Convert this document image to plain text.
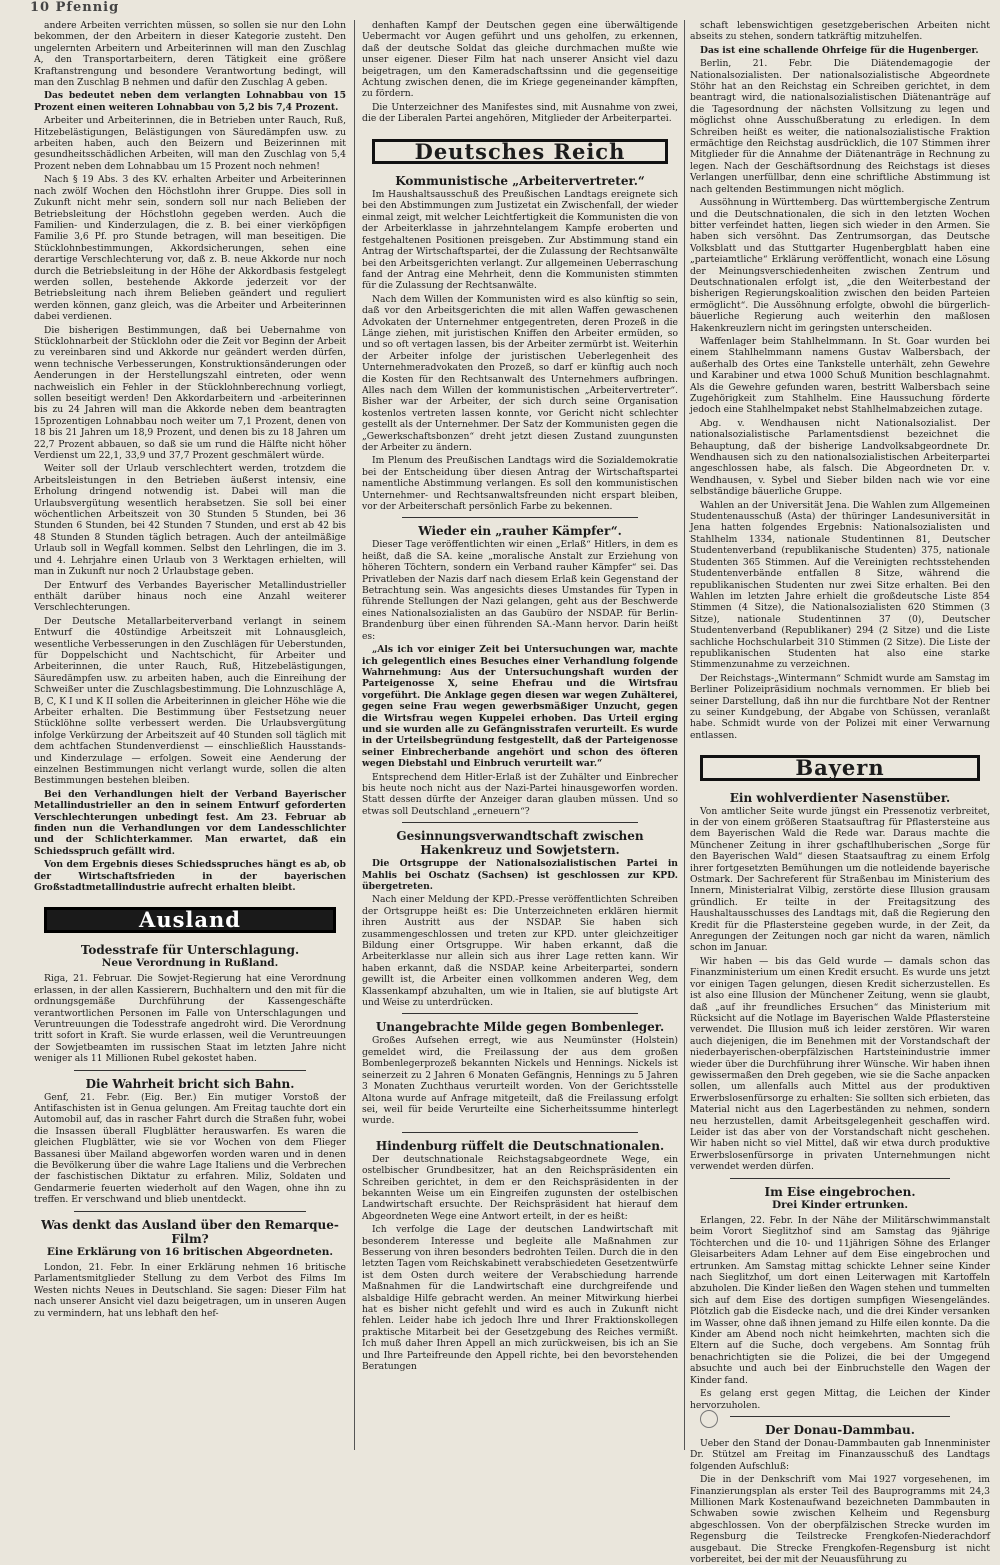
10 Pfennig

andere Arbeiten verrichten müssen, so sollen sie nur den Lohn bekommen, der den Arbeitern in dieser Kategorie zusteht. Den ungelernten Arbeitern und Arbeiterinnen will man den Zuschlag A, den Transportarbeitern, deren Tätigkeit eine größere Kraftanstrengung und besondere Verantwortung bedingt, will man den Zuschlag B nehmen und dafür den Zuschlag A geben.

Das bedeutet neben dem verlangten Lohnabbau von 15 Prozent einen weiteren Lohnabbau von 5,2 bis 7,4 Prozent.

Arbeiter und Arbeiterinnen, die in Betrieben unter Rauch, Ruß, Hitzebelästigungen, Belästigungen von Säuredämpfen usw. zu arbeiten haben, auch den Beizern und Beizerinnen mit gesundheitsschädlichen Arbeiten, will man den Zuschlag von 5,4 Prozent neben dem Lohnabbau um 15 Prozent noch nehmen!

Nach § 19 Abs. 3 des KV. erhalten Arbeiter und Arbeiterinnen nach zwölf Wochen den Höchstlohn ihrer Gruppe. Dies soll in Zukunft nicht mehr sein, sondern soll nur nach Belieben der Betriebsleitung der Höchstlohn gegeben werden. Auch die Familien- und Kinderzulagen, die z. B. bei einer vierköpfigen Familie 3,6 Pf. pro Stunde betragen, will man beseitigen. Die Stücklohnbestimmungen, Akkordsicherungen, sehen eine derartige Verschlechterung vor, daß z. B. neue Akkorde nur noch durch die Betriebsleitung in der Höhe der Akkordbasis festgelegt werden sollen, bestehende Akkorde jederzeit vor der Betriebsleitung nach ihrem Belieben geändert und reguliert werden können, ganz gleich, was die Arbeiter und Arbeiterinnen dabei verdienen.

Die bisherigen Bestimmungen, daß bei Uebernahme von Stücklohnarbeit der Stücklohn oder die Zeit vor Beginn der Arbeit zu vereinbaren sind und Akkorde nur geändert werden dürfen, wenn technische Verbesserungen, Konstruktionsänderungen oder Aenderungen in der Herstellungszahl eintreten, oder wenn nachweislich ein Fehler in der Stücklohnberechnung vorliegt, sollen beseitigt werden! Den Akkordarbeitern und -arbeiterinnen bis zu 24 Jahren will man die Akkorde neben dem beantragten 15prozentigen Lohnabbau noch weiter um 7,1 Prozent, denen von 18 bis 21 Jahren um 18,9 Prozent, und denen bis zu 18 Jahren um 22,7 Prozent abbauen, so daß sie um rund die Hälfte nicht höher Verdienst um 22,1, 33,9 und 37,7 Prozent geschmälert würde.

Weiter soll der Urlaub verschlechtert werden, trotzdem die Arbeitsleistungen in den Betrieben äußerst intensiv, eine Erholung dringend notwendig ist. Dabei will man die Urlaubsvergütung wesentlich herabsetzen. Sie soll bei einer wöchentlichen Arbeitszeit von 30 Stunden 5 Stunden, bei 36 Stunden 6 Stunden, bei 42 Stunden 7 Stunden, und erst ab 42 bis 48 Stunden 8 Stunden täglich betragen. Auch der anteilmäßige Urlaub soll in Wegfall kommen. Selbst den Lehrlingen, die im 3. und 4. Lehrjahre einen Urlaub von 3 Werktagen erhielten, will man in Zukunft nur noch 2 Urlaubstage geben.

Der Entwurf des Verbandes Bayerischer Metallindustrieller enthält darüber hinaus noch eine Anzahl weiterer Verschlechterungen.

Der Deutsche Metallarbeiterverband verlangt in seinem Entwurf die 40stündige Arbeitszeit mit Lohnausgleich, wesentliche Verbesserungen in den Zuschlägen für Ueberstunden, für Doppelschicht und Nachtschicht, für Arbeiter und Arbeiterinnen, die unter Rauch, Ruß, Hitzebelästigungen, Säuredämpfen usw. zu arbeiten haben, auch die Einreihung der Schweißer unter die Zuschlagsbestimmung. Die Lohnzuschläge A, B, C, K I und K II sollen die Arbeiterinnen in gleicher Höhe wie die Arbeiter erhalten. Die Bestimmung über Festsetzung neuer Stücklöhne sollte verbessert werden. Die Urlaubsvergütung infolge Verkürzung der Arbeitszeit auf 40 Stunden soll täglich mit dem achtfachen Stundenverdienst — einschließlich Hausstands- und Kinderzulage — erfolgen. Soweit eine Aenderung der einzelnen Bestimmungen nicht verlangt wurde, sollen die alten Bestimmungen bestehen bleiben.

Bei den Verhandlungen hielt der Verband Bayerischer Metallindustrieller an den in seinem Entwurf geforderten Verschlechterungen unbedingt fest. Am 23. Februar ab finden nun die Verhandlungen vor dem Landesschlichter und der Schlichterkammer. Man erwartet, daß ein Schiedsspruch gefällt wird.

Von dem Ergebnis dieses Schiedsspruches hängt es ab, ob der Wirtschaftsfrieden in der bayerischen Großstadtmetallindustrie aufrecht erhalten bleibt.

Ausland
Todesstrafe für Unterschlagung.
Neue Verordnung in Rußland.

Riga, 21. Februar. Die Sowjet-Regierung hat eine Verordnung erlassen, in der allen Kassierern, Buchhaltern und den mit für die ordnungsgemäße Durchführung der Kassengeschäfte verantwortlichen Personen im Falle von Unterschlagungen und Veruntreuungen die Todesstrafe angedroht wird. Die Verordnung tritt sofort in Kraft. Sie wurde erlassen, weil die Veruntreuungen der Sowjetbeamten im russischen Staat im letzten Jahre nicht weniger als 11 Millionen Rubel gekostet haben.

Die Wahrheit bricht sich Bahn.

Genf, 21. Febr. (Eig. Ber.) Ein mutiger Vorstoß der Antifaschisten ist in Genua gelungen. Am Freitag tauchte dort ein Automobil auf, das in rascher Fahrt durch die Straßen fuhr, wobei die Insassen überall Flugblätter herauswarfen. Es waren die gleichen Flugblätter, wie sie vor Wochen von dem Flieger Bassanesi über Mailand abgeworfen worden waren und in denen die Bevölkerung über die wahre Lage Italiens und die Verbrechen der faschistischen Diktatur zu erfahren. Miliz, Soldaten und Gendarmerie feuerten wiederholt auf den Wagen, ohne ihn zu treffen. Er verschwand und blieb unentdeckt.

Was denkt das Ausland über den Remarque-Film?
Eine Erklärung von 16 britischen Abgeordneten.

London, 21. Febr. In einer Erklärung nehmen 16 britische Parlamentsmitglieder Stellung zu dem Verbot des Films Im Westen nichts Neues in Deutschland. Sie sagen: Dieser Film hat nach unserer Ansicht viel dazu beigetragen, um in unseren Augen zu vermindern, hat uns lebhaft den hef-

denhaften Kampf der Deutschen gegen eine überwältigende Uebermacht vor Augen geführt und uns geholfen, zu erkennen, daß der deutsche Soldat das gleiche durchmachen mußte wie unser eigener. Dieser Film hat nach unserer Ansicht viel dazu beigetragen, um den Kameradschaftssinn und die gegenseitige Achtung zwischen denen, die im Kriege gegeneinander kämpften, zu fördern.

Die Unterzeichner des Manifestes sind, mit Ausnahme von zwei, die der Liberalen Partei angehören, Mitglieder der Arbeiterpartei.

Deutsches Reich
Kommunistische „Arbeitervertreter.“

Im Haushaltsausschuß des Preußischen Landtags ereignete sich bei den Abstimmungen zum Justizetat ein Zwischenfall, der wieder einmal zeigt, mit welcher Leichtfertigkeit die Kommunisten die von der Arbeiterklasse in jahrzehntelangem Kampfe eroberten und festgehaltenen Positionen preisgeben. Zur Abstimmung stand ein Antrag der Wirtschaftspartei, der die Zulassung der Rechtsanwälte bei den Arbeitsgerichten verlangt. Zur allgemeinen Ueberraschung fand der Antrag eine Mehrheit, denn die Kommunisten stimmten für die Zulassung der Rechtsanwälte.

Nach dem Willen der Kommunisten wird es also künftig so sein, daß vor den Arbeitsgerichten die mit allen Waffen gewaschenen Advokaten der Unternehmer entgegentreten, deren Prozeß in die Länge ziehen, mit juristischen Kniffen den Arbeiter ermüden, so und so oft vertagen lassen, bis der Arbeiter zermürbt ist. Weiterhin der Arbeiter infolge der juristischen Ueberlegenheit des Unternehmeradvokaten den Prozeß, so darf er künftig auch noch die Kosten für den Rechtsanwalt des Unternehmers aufbringen. Alles nach dem Willen der kommunistischen „Arbeitervertreter“. Bisher war der Arbeiter, der sich durch seine Organisation kostenlos vertreten lassen konnte, vor Gericht nicht schlechter gestellt als der Unternehmer. Der Satz der Kommunisten gegen die „Gewerkschaftsbonzen“ dreht jetzt diesen Zustand zuungunsten der Arbeiter zu ändern.

Im Plenum des Preußischen Landtags wird die Sozialdemokratie bei der Entscheidung über diesen Antrag der Wirtschaftspartei namentliche Abstimmung verlangen. Es soll den kommunistischen Unternehmer- und Rechtsanwaltsfreunden nicht erspart bleiben, vor der Arbeiterschaft persönlich Farbe zu bekennen.

Wieder ein „rauher Kämpfer“.

Dieser Tage veröffentlichten wir einen „Erlaß“ Hitlers, in dem es heißt, daß die SA. keine „moralische Anstalt zur Erziehung von höheren Töchtern, sondern ein Verband rauher Kämpfer“ sei. Das Privatleben der Nazis darf nach diesem Erlaß kein Gegenstand der Betrachtung sein. Was angesichts dieses Umstandes für Typen in führende Stellungen der Nazi gelangen, geht aus der Beschwerde eines Nationalsozialisten an das Gaubüro der NSDAP. für Berlin-Brandenburg über einen führenden SA.-Mann hervor. Darin heißt es:

„Als ich vor einiger Zeit bei Untersuchungen war, machte ich gelegentlich eines Besuches einer Verhandlung folgende Wahrnehmung: Aus der Untersuchungshaft wurden der Parteigenosse X, seine Ehefrau und die Wirtsfrau vorgeführt. Die Anklage gegen diesen war wegen Zuhälterei, gegen seine Frau wegen gewerbsmäßiger Unzucht, gegen die Wirtsfrau wegen Kuppelei erhoben. Das Urteil erging und sie wurden alle zu Gefängnisstrafen verurteilt. Es wurde in der Urteilsbegründung festgestellt, daß der Parteigenosse seiner Einbrecherbande angehört und schon des öfteren wegen Diebstahl und Einbruch verurteilt war.“

Entsprechend dem Hitler-Erlaß ist der Zuhälter und Einbrecher bis heute noch nicht aus der Nazi-Partei hinausgeworfen worden. Statt dessen dürfte der Anzeiger daran glauben müssen. Und so etwas soll Deutschland „erneuern“?

Gesinnungsverwandtschaft zwischen Hakenkreuz und Sowjetstern.

Die Ortsgruppe der Nationalsozialistischen Partei in Mahlis bei Oschatz (Sachsen) ist geschlossen zur KPD. übergetreten.

Nach einer Meldung der KPD.-Presse veröffentlichten Schreiben der Ortsgruppe heißt es: Die Unterzeichneten erklären hiermit ihren Austritt aus der NSDAP. Sie haben sich zusammengeschlossen und treten zur KPD. unter gleichzeitiger Bildung einer Ortsgruppe. Wir haben erkannt, daß die Arbeiterklasse nur allein sich aus ihrer Lage retten kann. Wir haben erkannt, daß die NSDAP. keine Arbeiterpartei, sondern gewillt ist, die Arbeiter einen vollkommen anderen Weg, dem Klassenkampf abzuhalten, um wie in Italien, sie auf blutigste Art und Weise zu unterdrücken.

Unangebrachte Milde gegen Bombenleger.

Großes Aufsehen erregt, wie aus Neumünster (Holstein) gemeldet wird, die Freilassung der aus dem großen Bombenlegerprozeß bekannten Nickels und Hennings. Nickels ist seinerzeit zu 2 Jahren 6 Monaten Gefängnis, Hennings zu 5 Jahren 3 Monaten Zuchthaus verurteilt worden. Von der Gerichtsstelle Altona wurde auf Anfrage mitgeteilt, daß die Freilassung erfolgt sei, weil für beide Verurteilte eine Sicherheitssumme hinterlegt wurde.

Hindenburg rüffelt die Deutschnationalen.

Der deutschnationale Reichstagsabgeordnete Wege, ein ostelbischer Grundbesitzer, hat an den Reichspräsidenten ein Schreiben gerichtet, in dem er den Reichspräsidenten in der bekannten Weise um ein Eingreifen zugunsten der ostelbischen Landwirtschaft ersuchte. Der Reichspräsident hat hierauf dem Abgeordneten Wege eine Antwort erteilt, in der es heißt:

Ich verfolge die Lage der deutschen Landwirtschaft mit besonderem Interesse und begleite alle Maßnahmen zur Besserung von ihren besonders bedrohten Teilen. Durch die in den letzten Tagen vom Reichskabinett verabschiedeten Gesetzentwürfe ist dem Osten durch weitere der Verabschiedung harrende Maßnahmen für die Landwirtschaft eine durchgreifende und alsbaldige Hilfe gebracht werden. An meiner Mitwirkung hierbei hat es bisher nicht gefehlt und wird es auch in Zukunft nicht fehlen. Leider habe ich jedoch Ihre und Ihrer Fraktionskollegen praktische Mitarbeit bei der Gesetzgebung des Reiches vermißt. Ich muß daher Ihren Appell an mich zurückweisen, bis ich an Sie und Ihre Parteifreunde den Appell richte, bei den bevorstehenden Beratungen

schaft lebenswichtigen gesetzgeberischen Arbeiten nicht abseits zu stehen, sondern tatkräftig mitzuhelfen.

Das ist eine schallende Ohrfeige für die Hugenberger.

Berlin, 21. Febr. Die Diätendemagogie der Nationalsozialisten. Der nationalsozialistische Abgeordnete Stöhr hat an den Reichstag ein Schreiben gerichtet, in dem beantragt wird, die nationalsozialistischen Diätenanträge auf die Tagesordnung der nächsten Vollsitzung zu legen und möglichst ohne Ausschußberatung zu erledigen. In dem Schreiben heißt es weiter, die nationalsozialistische Fraktion ermächtige den Reichstag ausdrücklich, die 107 Stimmen ihrer Mitglieder für die Annahme der Diätenanträge in Rechnung zu legen. Nach der Geschäftsordnung des Reichstags ist dieses Verlangen unerfüllbar, denn eine schriftliche Abstimmung ist nach geltenden Bestimmungen nicht möglich.

Aussöhnung in Württemberg. Das württembergische Zentrum und die Deutschnationalen, die sich in den letzten Wochen bitter verfeindet hatten, liegen sich wieder in den Armen. Sie haben sich versöhnt. Das Zentrumsorgan, das Deutsche Volksblatt und das Stuttgarter Hugenbergblatt haben eine „parteiamtliche“ Erklärung veröffentlicht, wonach eine Lösung der Meinungsverschiedenheiten zwischen Zentrum und Deutschnationalen erfolgt ist, „die den Weiterbestand der bisherigen Regierungskoalition zwischen den beiden Parteien ermöglicht“. Die Aussöhnung erfolgte, obwohl die bürgerlich-bäuerliche Regierung auch weiterhin den maßlosen Hakenkreuzlern nicht im geringsten unterscheiden.

Waffenlager beim Stahlhelmmann. In St. Goar wurden bei einem Stahlhelmmann namens Gustav Walbersbach, der außerhalb des Ortes eine Tankstelle unterhält, zehn Gewehre und Karabiner und etwa 1000 Schuß Munition beschlagnahmt. Als die Gewehre gefunden waren, bestritt Walbersbach seine Zugehörigkeit zum Stahlhelm. Eine Haussuchung förderte jedoch eine Stahlhelmpaket nebst Stahlhelmabzeichen zutage.

Abg. v. Wendhausen nicht Nationalsozialist. Der nationalsozialistische Parlamentsdienst bezeichnet die Behauptung, daß der bisherige Landvolksabgeordnete Dr. Wendhausen sich zu den nationalsozialistischen Arbeiterpartei angeschlossen habe, als falsch. Die Abgeordneten Dr. v. Wendhausen, v. Sybel und Sieber bilden nach wie vor eine selbständige bäuerliche Gruppe.

Wahlen an der Universität Jena. Die Wahlen zum Allgemeinen Studentenausschuß (Asta) der thüringer Landesuniversität in Jena hatten folgendes Ergebnis: Nationalsozialisten und Stahlhelm 1334, nationale Studentinnen 81, Deutscher Studentenverband (republikanische Studenten) 375, nationale Studenten 365 Stimmen. Auf die Vereinigten rechtsstehenden Studentenverbände entfallen 8 Sitze, während die republikanischen Studenten nur zwei Sitze erhalten. Bei den Wahlen im letzten Jahre erhielt die großdeutsche Liste 854 Stimmen (4 Sitze), die Nationalsozialisten 620 Stimmen (3 Sitze), nationale Studentinnen 37 (0), Deutscher Studentenverband (Republikaner) 294 (2 Sitze) und die Liste sachliche Hochschularbeit 310 Stimmen (2 Sitze). Die Liste der republikanischen Studenten hat also eine starke Stimmenzunahme zu verzeichnen.

Der Reichstags-„Wintermann“ Schmidt wurde am Samstag im Berliner Polizeipräsidium nochmals vernommen. Er blieb bei seiner Darstellung, daß ihn nur die furchtbare Not der Rentner zu seiner Kundgebung, der Abgabe von Schüssen, veranlaßt habe. Schmidt wurde von der Polizei mit einer Verwarnung entlassen.

Bayern
Ein wohlverdienter Nasenstüber.

Von amtlicher Seite wurde jüngst ein Pressenotiz verbreitet, in der von einem größeren Staatsauftrag für Pflastersteine aus dem Bayerischen Wald die Rede war. Daraus machte die Münchener Zeitung in ihrer gschaftlhuberischen „Sorge für den Bayerischen Wald“ diesen Staatsauftrag zu einem Erfolg ihrer fortgesetzten Bemühungen um die notleidende bayerische Ostmark. Der Sachreferent für Straßenbau im Ministerium des Innern, Ministerialrat Vilbig, zerstörte diese Illusion grausam gründlich. Er teilte in der Freitagsitzung des Haushaltausschusses des Landtags mit, daß die Regierung den Kredit für die Pflastersteine gegeben wurde, in der Zeit, da Anregungen der Zeitungen noch gar nicht da waren, nämlich schon im Januar.

Wir haben — bis das Geld wurde — damals schon das Finanzministerium um einen Kredit ersucht. Es wurde uns jetzt vor einigen Tagen gelungen, diesen Kredit sicherzustellen. Es ist also eine Illusion der Münchener Zeitung, wenn sie glaubt, daß „auf ihr freundliches Ersuchen“ das Ministerium mit Rücksicht auf die Notlage im Bayerischen Walde Pflastersteine verwendet. Die Illusion muß ich leider zerstören. Wir waren auch diejenigen, die im Benehmen mit der Vorstandschaft der niederbayerischen-oberpfälzischen Hartsteinindustrie immer wieder über die Durchführung ihrer Wünsche. Wir haben ihnen gewissermaßen den Dreh gegeben, wie sie die Sache anpacken sollen, um allenfalls auch Mittel aus der produktiven Erwerbslosenfürsorge zu erhalten: Sie sollten sich erbieten, das Material nicht aus den Lagerbeständen zu nehmen, sondern neu herzustellen, damit Arbeitsgelegenheit geschaffen wird. Leider ist das aber von der Vorstandschaft nicht geschehen. Wir haben nicht so viel Mittel, daß wir etwa durch produktive Erwerbslosenfürsorge in privaten Unternehmungen nicht verwendet werden dürfen.

Im Eise eingebrochen.
Drei Kinder ertrunken.

Erlangen, 22. Febr. In der Nähe der Militärschwimmanstalt beim Vorort Sieglitzhof sind am Samstag das 9jährige Töchterchen und die 10- und 11jährigen Söhne des Erlanger Gleisarbeiters Adam Lehner auf dem Eise eingebrochen und ertrunken. Am Samstag mittag schickte Lehner seine Kinder nach Sieglitzhof, um dort einen Leiterwagen mit Kartoffeln abzuholen. Die Kinder ließen den Wagen stehen und tummelten sich auf dem Eise des dortigen sumpfigen Wiesengeländes. Plötzlich gab die Eisdecke nach, und die drei Kinder versanken im Wasser, ohne daß ihnen jemand zu Hilfe eilen konnte. Da die Kinder am Abend noch nicht heimkehrten, machten sich die Eltern auf die Suche, doch vergebens. Am Sonntag früh benachrichtigten sie die Polizei, die bei der Umgegend absuchte und auch bei der Einbruchstelle den Wagen der Kinder fand.

Es gelang erst gegen Mittag, die Leichen der Kinder hervorzuholen.

Der Donau-Dammbau.

Ueber den Stand der Donau-Dammbauten gab Innenminister Dr. Stützel am Freitag im Finanzausschuß des Landtags folgenden Aufschluß:

Die in der Denkschrift vom Mai 1927 vorgesehenen, im Finanzierungsplan als erster Teil des Bauprogramms mit 24,3 Millionen Mark Kostenaufwand bezeichneten Dammbauten in Schwaben sowie zwischen Kelheim und Regensburg abgeschlossen. Von der oberpfälzischen Strecke wurden im Regensburg die Teilstrecke Frengkofen-Niederachdorf ausgebaut. Die Strecke Frengkofen-Regensburg ist nicht vorbereitet, bei der mit der Neuausführung zu
